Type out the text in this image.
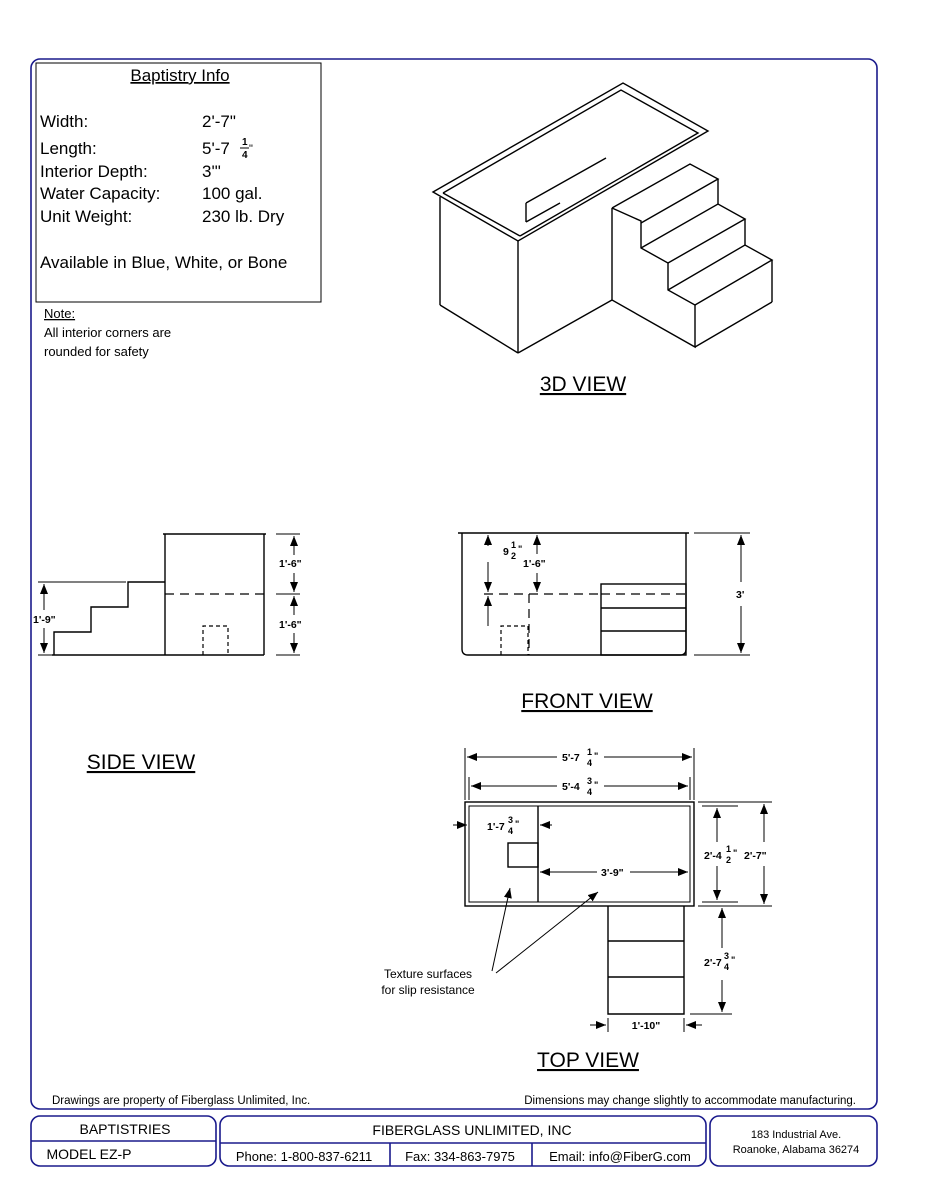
Baptistry Info
Width:	2'-7"
Length:	5'-7 1
4
"
Interior Depth:	3'"
Water Capacity: 100 gal.
Unit Weight:	230 lb. Dry
Available in Blue, White, or Bone
Note:
All interior corners are
rounded for safety
3D VIEW
1'-6"
1'-6"
1'-9"
SIDE VIEW
9
1
2
"
1'-6"
3'
FRONT VIEW
5'-7 1
4
"
5'-4 3
4
"
1'-7
3
4
"
3'-9"
2'-4
1
2
" 2'-7"
2'-7
3
4
"
1'-10"
Texture surfaces
for slip resistance
TOP VIEW
Drawings are property of Fiberglass Unlimited, Inc.	Dimensions may change slightly to accommodate manufacturing.
BAPTISTRIES
MODEL EZ-P
FIBERGLASS UNLIMITED, INC
Phone: 1-800-837-6211	Fax: 334-863-7975	Email: info@FiberG.com
183 Industrial Ave.
Roanoke, Alabama 36274
